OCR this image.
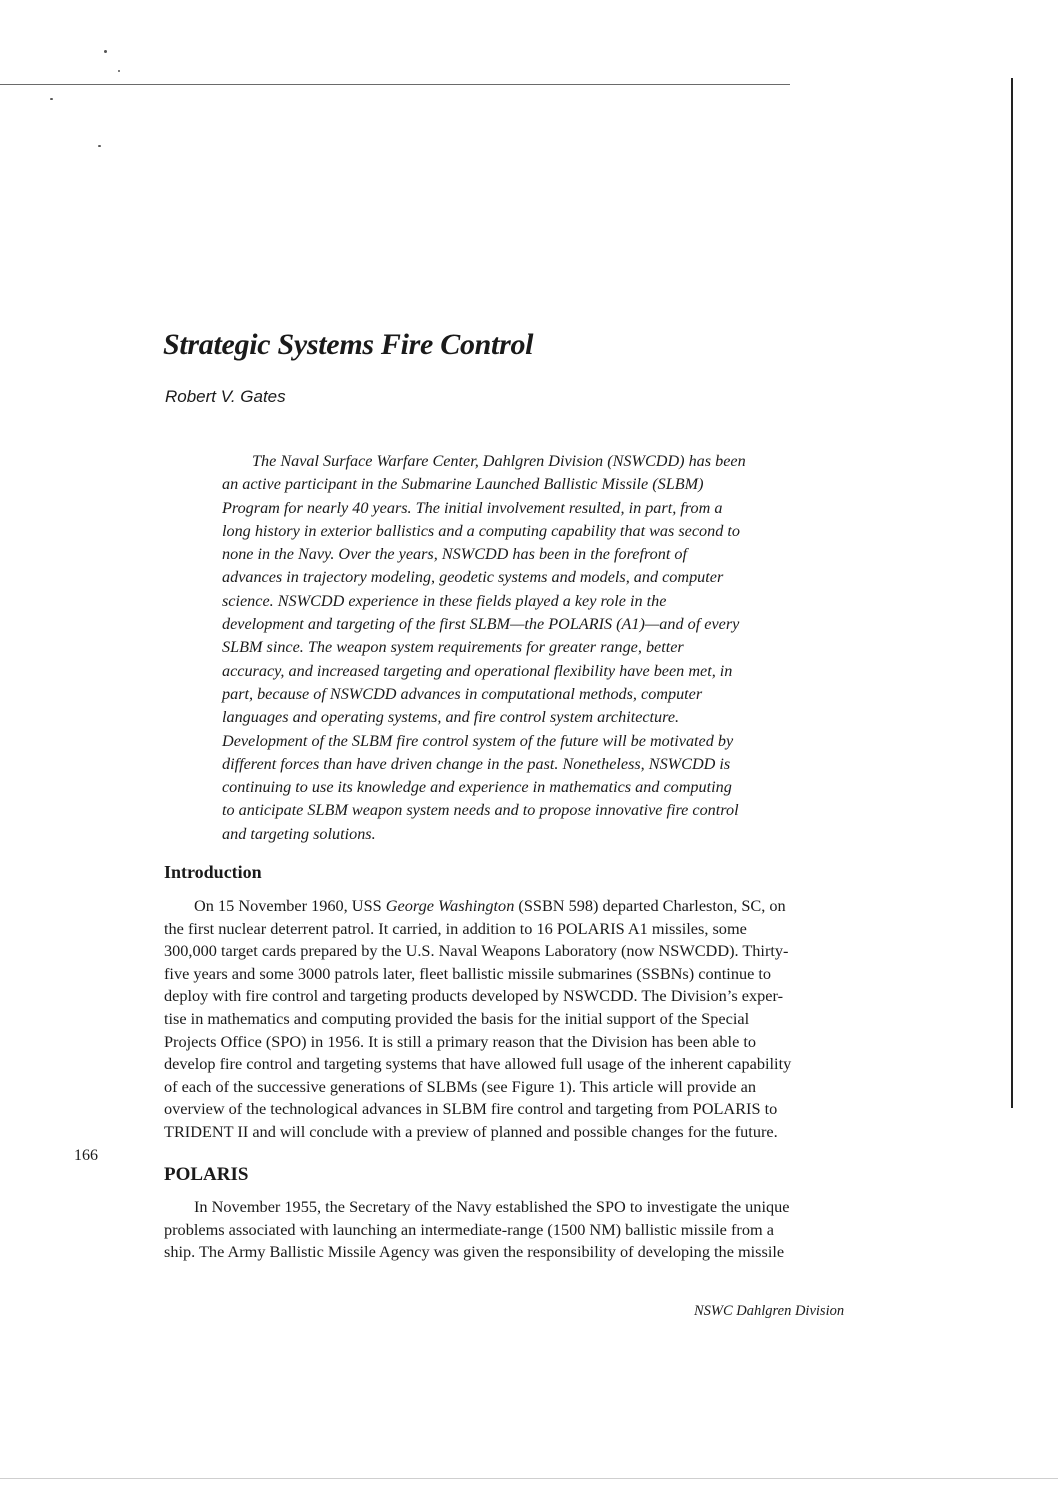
Strategic Systems Fire Control

Robert V. Gates

The Naval Surface Warfare Center, Dahlgren Division (NSWCDD) has been
an active participant in the Submarine Launched Ballistic Missile (SLBM)
Program for nearly 40 years. The initial involvement resulted, in part, from a
long history in exterior ballistics and a computing capability that was second to
none in the Navy. Over the years, NSWCDD has been in the forefront of
advances in trajectory modeling, geodetic systems and models, and computer
science. NSWCDD experience in these fields played a key role in the
development and targeting of the first SLBM—the POLARIS (A1)—and of every
SLBM since. The weapon system requirements for greater range, better
accuracy, and increased targeting and operational flexibility have been met, in
part, because of NSWCDD advances in computational methods, computer
languages and operating systems, and fire control system architecture.
Development of the SLBM fire control system of the future will be motivated by
different forces than have driven change in the past. Nonetheless, NSWCDD is
continuing to use its knowledge and experience in mathematics and computing
to anticipate SLBM weapon system needs and to propose innovative fire control
and targeting solutions.
Introduction
On 15 November 1960, USS George Washington (SSBN 598) departed Charleston, SC, on
the first nuclear deterrent patrol. It carried, in addition to 16 POLARIS A1 missiles, some
300,000 target cards prepared by the U.S. Naval Weapons Laboratory (now NSWCDD). Thirty-
five years and some 3000 patrols later, fleet ballistic missile submarines (SSBNs) continue to
deploy with fire control and targeting products developed by NSWCDD. The Division’s exper-
tise in mathematics and computing provided the basis for the initial support of the Special
Projects Office (SPO) in 1956. It is still a primary reason that the Division has been able to
develop fire control and targeting systems that have allowed full usage of the inherent capability
of each of the successive generations of SLBMs (see Figure 1). This article will provide an
overview of the technological advances in SLBM fire control and targeting from POLARIS to
TRIDENT II and will conclude with a preview of planned and possible changes for the future.

166

POLARIS
In November 1955, the Secretary of the Navy established the SPO to investigate the unique
problems associated with launching an intermediate-range (1500 NM) ballistic missile from a
ship. The Army Ballistic Missile Agency was given the responsibility of developing the missile

NSWC Dahlgren Division
